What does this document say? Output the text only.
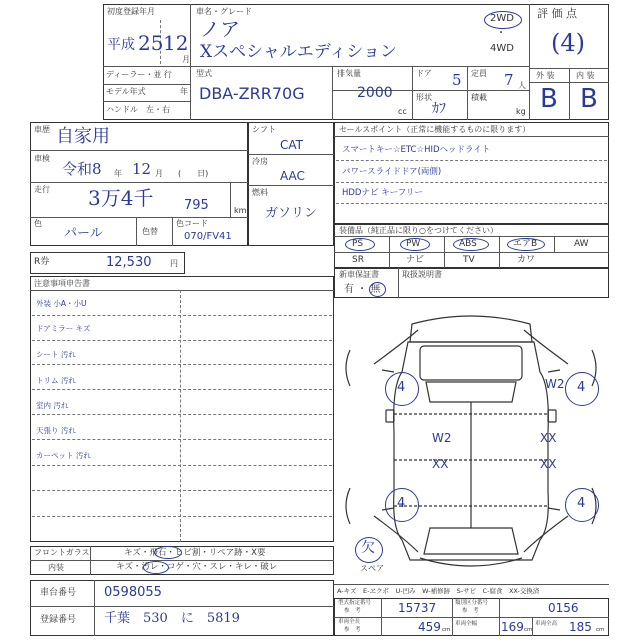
初度登録年月
平成 25 12
月
車名・グレード
ノア
Xスペシャルエディション
2WD
・
4WD
評 価 点
(4)
ディーラー・並 行
モデル年式	年
ハンドル　左・右
型式
DBA-ZRR70G
排気量
2000
cc
ドア 5 定員 7 人
形状
ｶﾌ
積載
kg
外 装	内 装
B B
車歴 自家用
車検
令和8 年 12 月 (　　日)
走行 3万4千 795	km
色
パール	色替
色コード
070/FV41
シフト
CAT
冷房
AAC
燃料
ガソリン
セールスポイント（正常に機能するものに限ります）
スマートキー☆ETC☆HIDヘッドライト
パワースライドドア(両側)
HDDナビ キーフリー
装備品（純正品に限り○をつけてください）
PS	PW	ABS	エアB	AW
SR	ナビ	TV	カワ
新車保証書
有 ・ 無
取扱説明書
R券	12,530 円
注意事項申告書
外装 小A・小U
ドアミラー キズ
シート 汚れ
トリム 汚れ
室内 汚れ
天張り 汚れ
カーペット 汚れ
フロントガラス	キズ・飛石・ヒビ割・リペア跡・X要
内装	キズ・汚レ・コゲ・穴・スレ・キレ・破レ
車台番号 0598055
登録番号 千葉　530　に　5819
4	W2 4
W2
XX
XX
XX
4	4
欠
スペア
A-キズ　E-ヱクボ　U-凹み　W-補修跡　S-サビ　C-腐食　XX-交換済
型式指定番号
参　考	15737	類別区分番号
参　考	0156
車両全長
参　考	459 cm
車両全幅 169 cm
車両全高 185 cm
